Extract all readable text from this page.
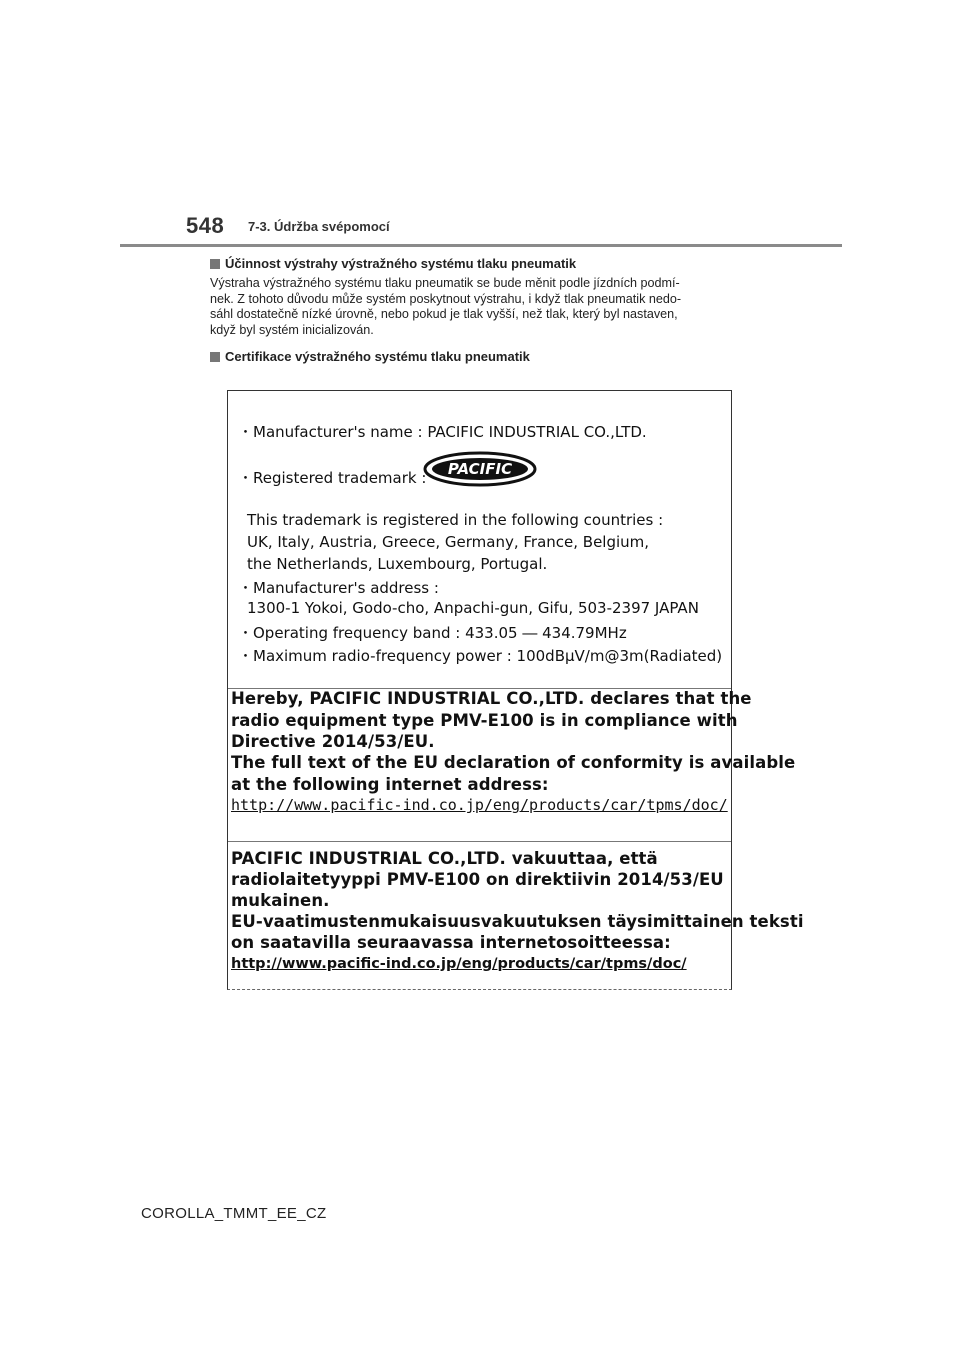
548 7-3. Údržba svépomocí
Účinnost výstrahy výstražného systému tlaku pneumatik
Výstraha výstražného systému tlaku pneumatik se bude měnit podle jízdních podmí-
nek. Z tohoto důvodu může systém poskytnout výstrahu, i když tlak pneumatik nedo-
sáhl dostatečně nízké úrovně, nebo pokud je tlak vyšší, než tlak, který byl nastaven,
když byl systém inicializován.
Certifikace výstražného systému tlaku pneumatik
・Manufacturer's name : PACIFIC INDUSTRIAL CO.,LTD.
・Registered trademark : PACIFIC
This trademark is registered in the following countries :
UK, Italy, Austria, Greece, Germany, France, Belgium,
the Netherlands, Luxembourg, Portugal.
・Manufacturer's address :
1300-1 Yokoi, Godo-cho, Anpachi-gun, Gifu, 503-2397 JAPAN
・Operating frequency band : 433.05 ― 434.79MHz
・Maximum radio-frequency power : 100dBμV/m@3m(Radiated)
Hereby, PACIFIC INDUSTRIAL CO.,LTD. declares that the
radio equipment type PMV-E100 is in compliance with
Directive 2014/53/EU.
The full text of the EU declaration of conformity is available
at the following internet address:
http://www.pacific-ind.co.jp/eng/products/car/tpms/doc/
PACIFIC INDUSTRIAL CO.,LTD. vakuuttaa, että
radiolaitetyyppi PMV-E100 on direktiivin 2014/53/EU
mukainen.
EU-vaatimustenmukaisuusvakuutuksen täysimittainen teksti
on saatavilla seuraavassa internetosoitteessa:
http://www.pacific-ind.co.jp/eng/products/car/tpms/doc/
COROLLA_TMMT_EE_CZ
